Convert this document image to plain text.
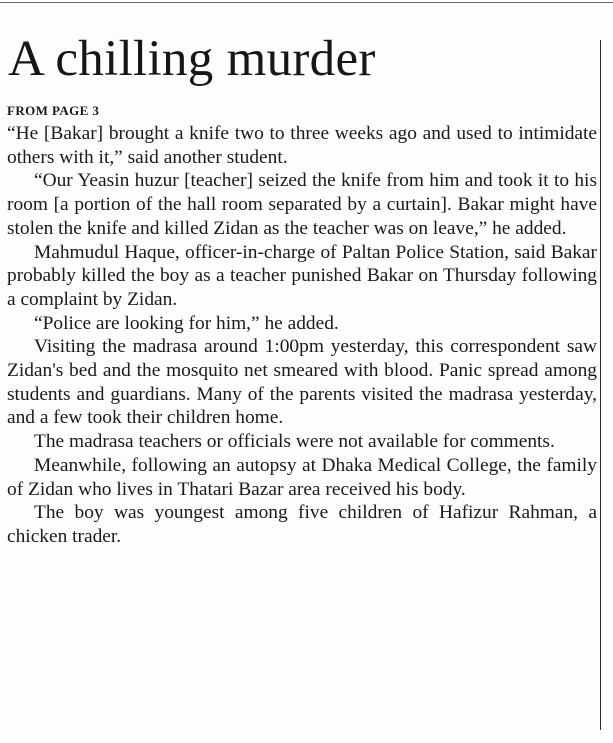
A chilling murder
FROM PAGE 3

“He [Bakar] brought a knife two to three weeks ago and used to intimidate others with it,” said another student.

“Our Yeasin huzur [teacher] seized the knife from him and took it to his room [a portion of the hall room separated by a curtain]. Bakar might have stolen the knife and killed Zidan as the teacher was on leave,” he added.

Mahmudul Haque, officer-in-charge of Paltan Police Station, said Bakar probably killed the boy as a teacher punished Bakar on Thursday following a complaint by Zidan.

“Police are looking for him,” he added.

Visiting the madrasa around 1:00pm yesterday, this correspondent saw Zidan's bed and the mosquito net smeared with blood. Panic spread among students and guardians. Many of the parents visited the madrasa yesterday, and a few took their children home.

The madrasa teachers or officials were not available for comments.

Meanwhile, following an autopsy at Dhaka Medical College, the family of Zidan who lives in Thatari Bazar area received his body.

The boy was youngest among five children of Hafizur Rahman, a chicken trader.
